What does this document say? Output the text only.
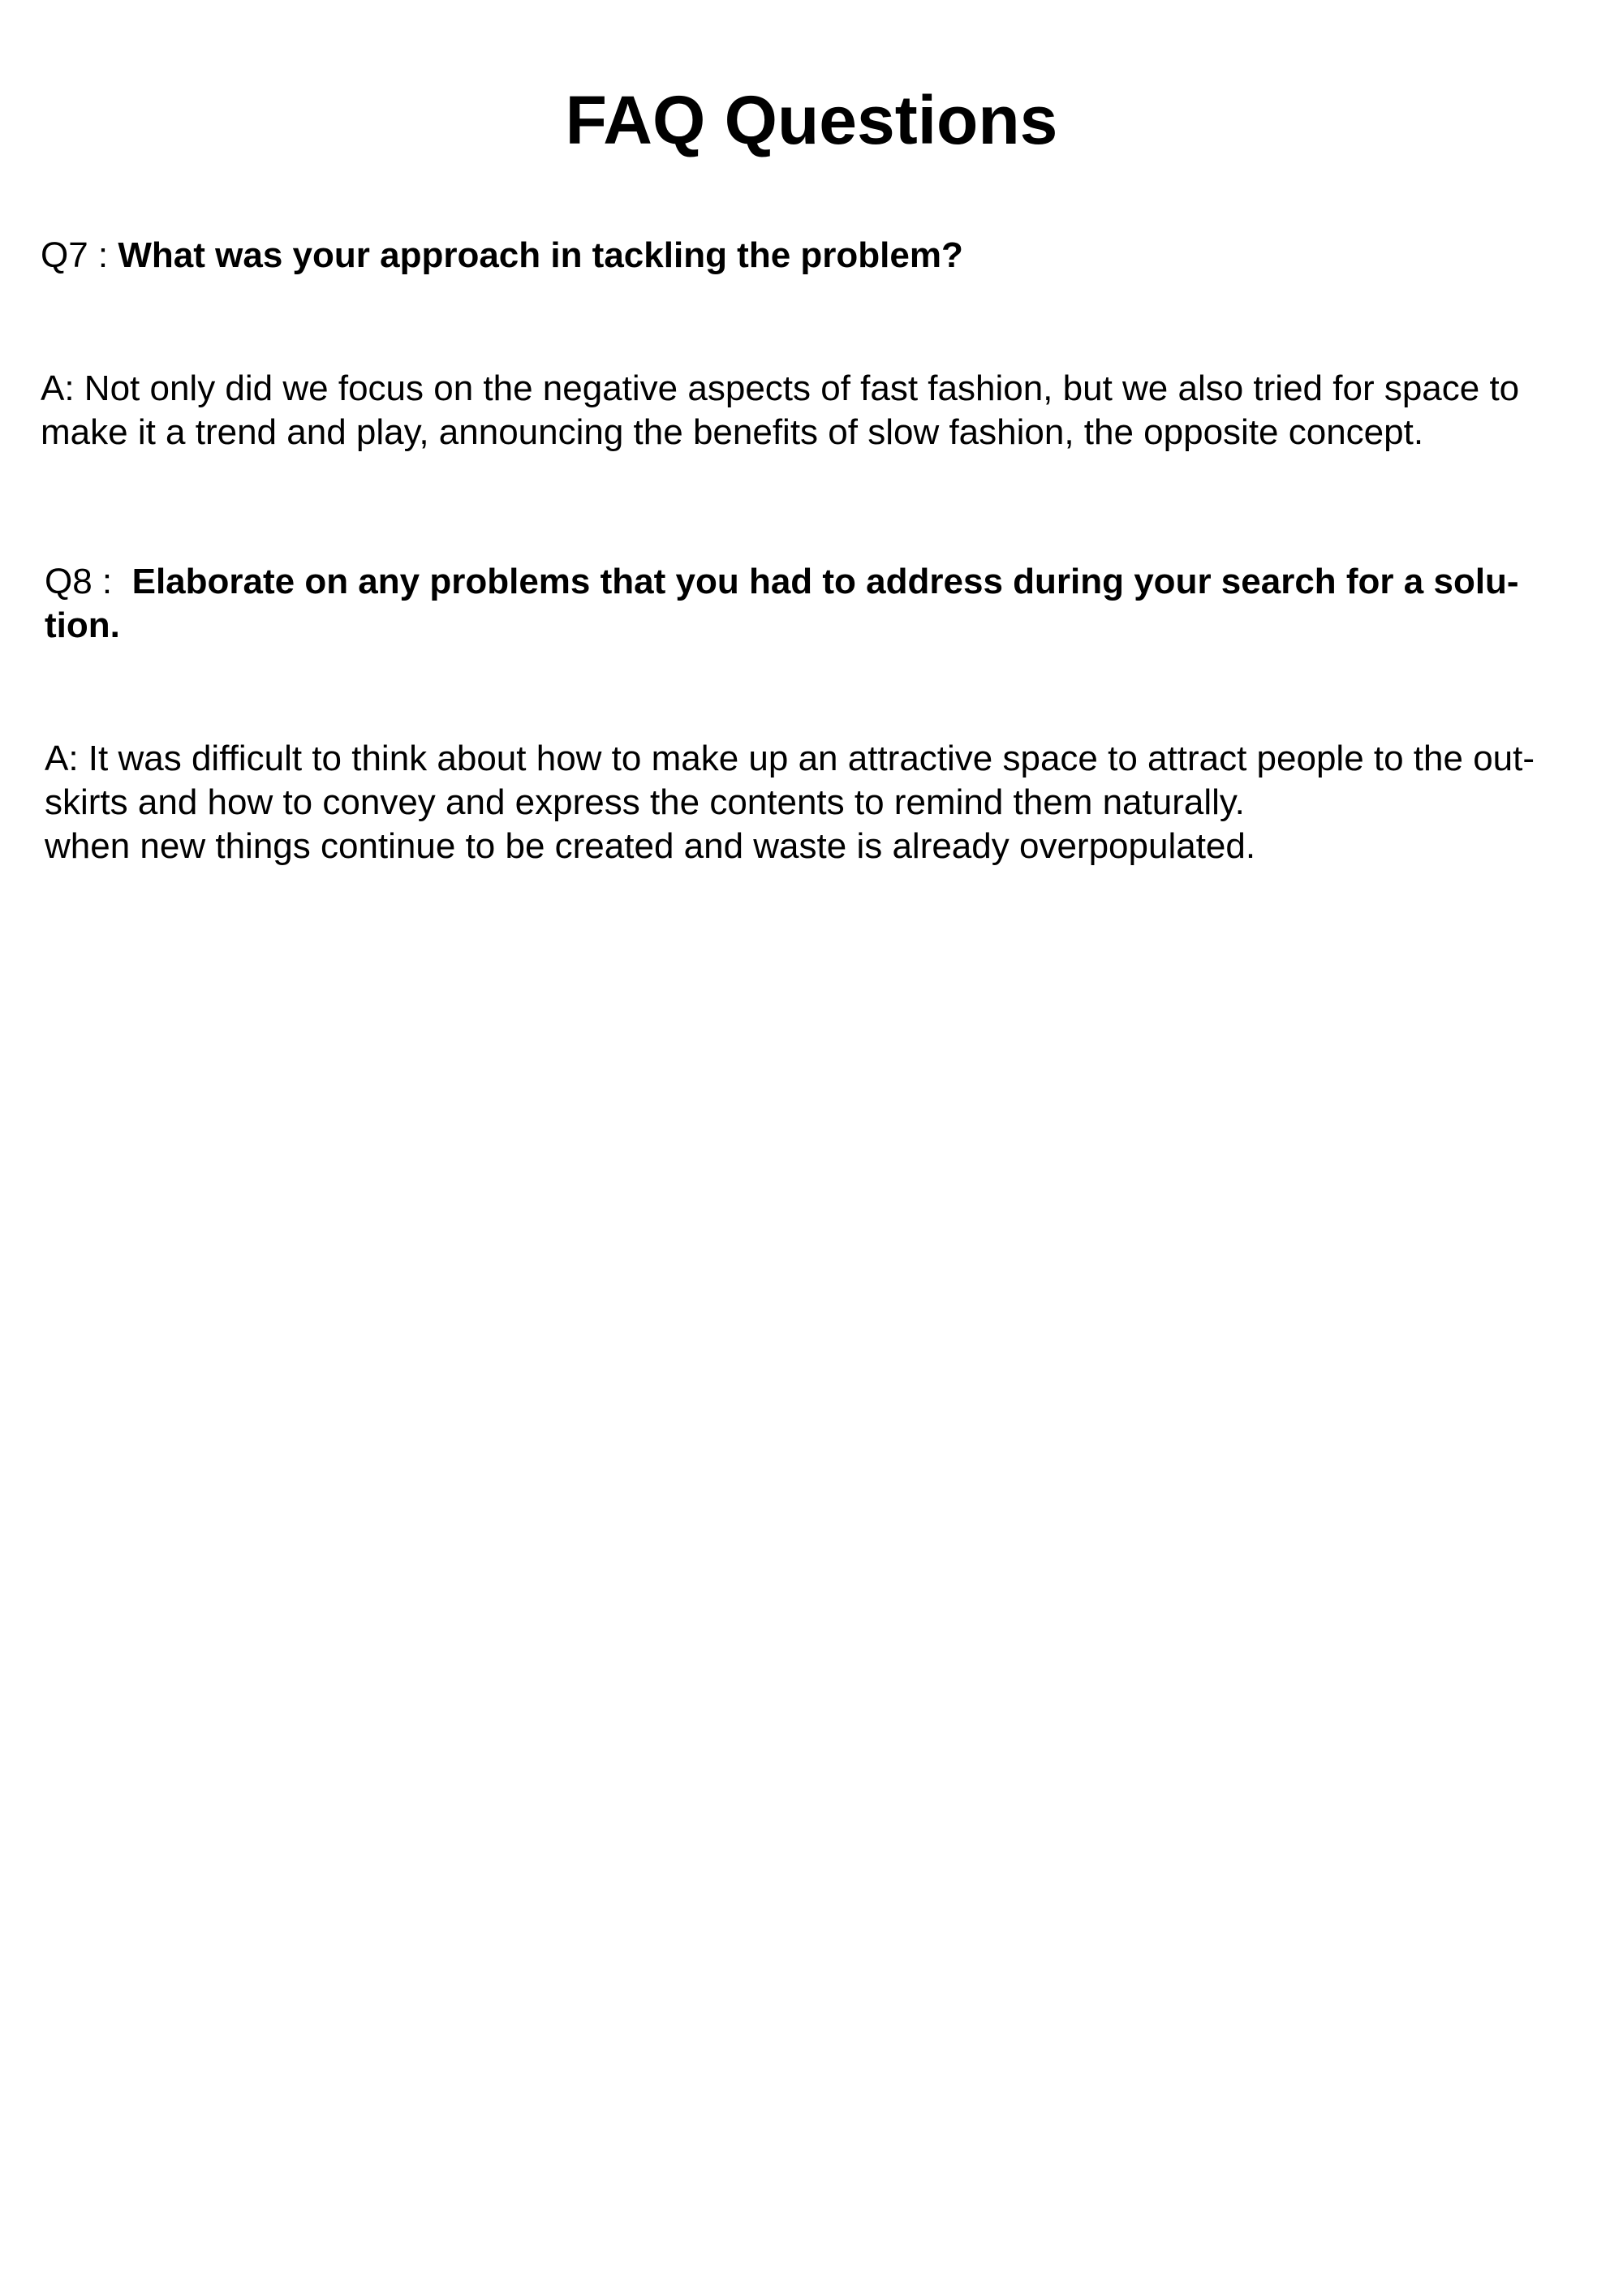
FAQ Questions
Q7 : What was your approach in tackling the problem?
A: Not only did we focus on the negative aspects of fast fashion, but we also tried for space to
make it a trend and play, announcing the benefits of slow fashion, the opposite concept.
Q8 :  Elaborate on any problems that you had to address during your search for a solu-
tion.
A: It was difficult to think about how to make up an attractive space to attract people to the out-
skirts and how to convey and express the contents to remind them naturally.
when new things continue to be created and waste is already overpopulated.
